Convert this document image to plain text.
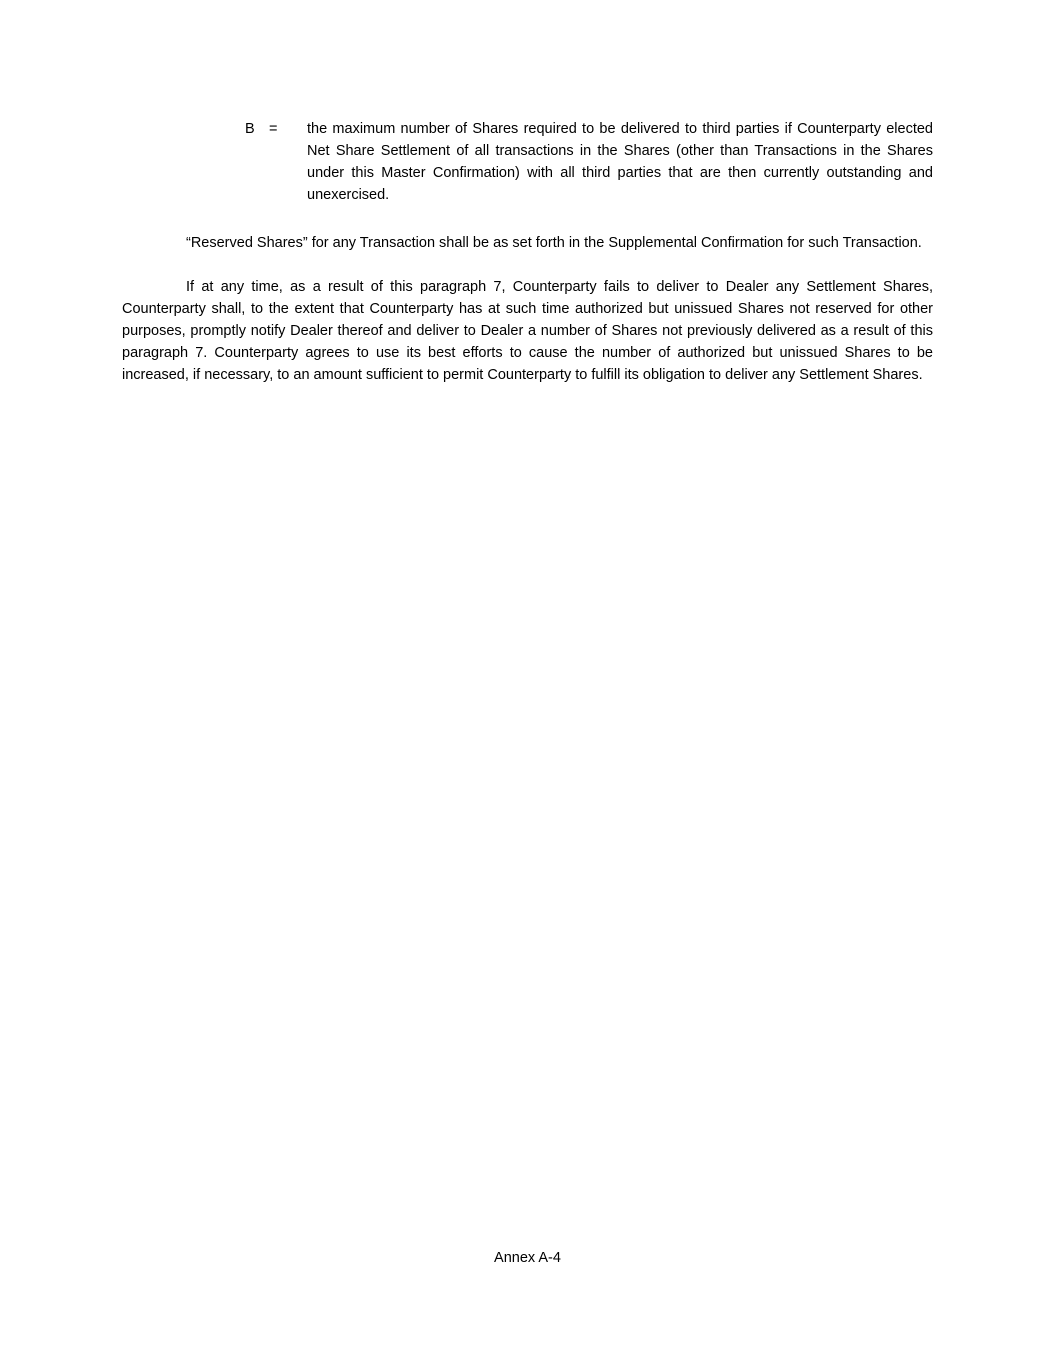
B =	the maximum number of Shares required to be delivered to third parties if Counterparty elected Net Share Settlement of all transactions in the Shares (other than Transactions in the Shares under this Master Confirmation) with all third parties that are then currently outstanding and unexercised.

“Reserved Shares” for any Transaction shall be as set forth in the Supplemental Confirmation for such Transaction.

If at any time, as a result of this paragraph 7, Counterparty fails to deliver to Dealer any Settlement Shares, Counterparty shall, to the extent that Counterparty has at such time authorized but unissued Shares not reserved for other purposes, promptly notify Dealer thereof and deliver to Dealer a number of Shares not previously delivered as a result of this paragraph 7. Counterparty agrees to use its best efforts to cause the number of authorized but unissued Shares to be increased, if necessary, to an amount sufficient to permit Counterparty to fulfill its obligation to deliver any Settlement Shares.

Annex A-4
